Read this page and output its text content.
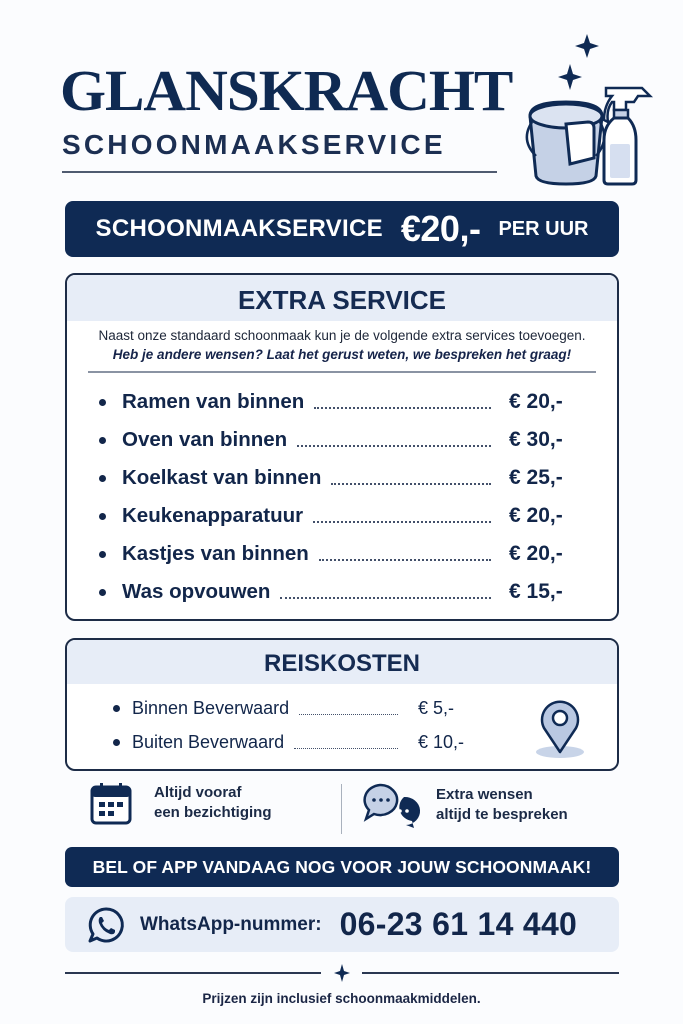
GLANSKRACHT
SCHOONMAAKSERVICE
SCHOONMAAKSERVICE €20,- PER UUR
EXTRA SERVICE
Naast onze standaard schoonmaak kun je de volgende extra services toevoegen.
Heb je andere wensen? Laat het gerust weten, we bespreken het graag!
Ramen van binnen	€ 20,-
Oven van binnen	€ 30,-
Koelkast van binnen	€ 25,-
Keukenapparatuur	€ 20,-
Kastjes van binnen	€ 20,-
Was opvouwen	€ 15,-
REISKOSTEN
Binnen Beverwaard	€ 5,-
Buiten Beverwaard	€ 10,-
Altijd vooraf
een bezichtiging
Extra wensen
altijd te bespreken
BEL OF APP VANDAAG NOG VOOR JOUW SCHOONMAAK!
WhatsApp-nummer: 06-23 61 14 440
Prijzen zijn inclusief schoonmaakmiddelen.
